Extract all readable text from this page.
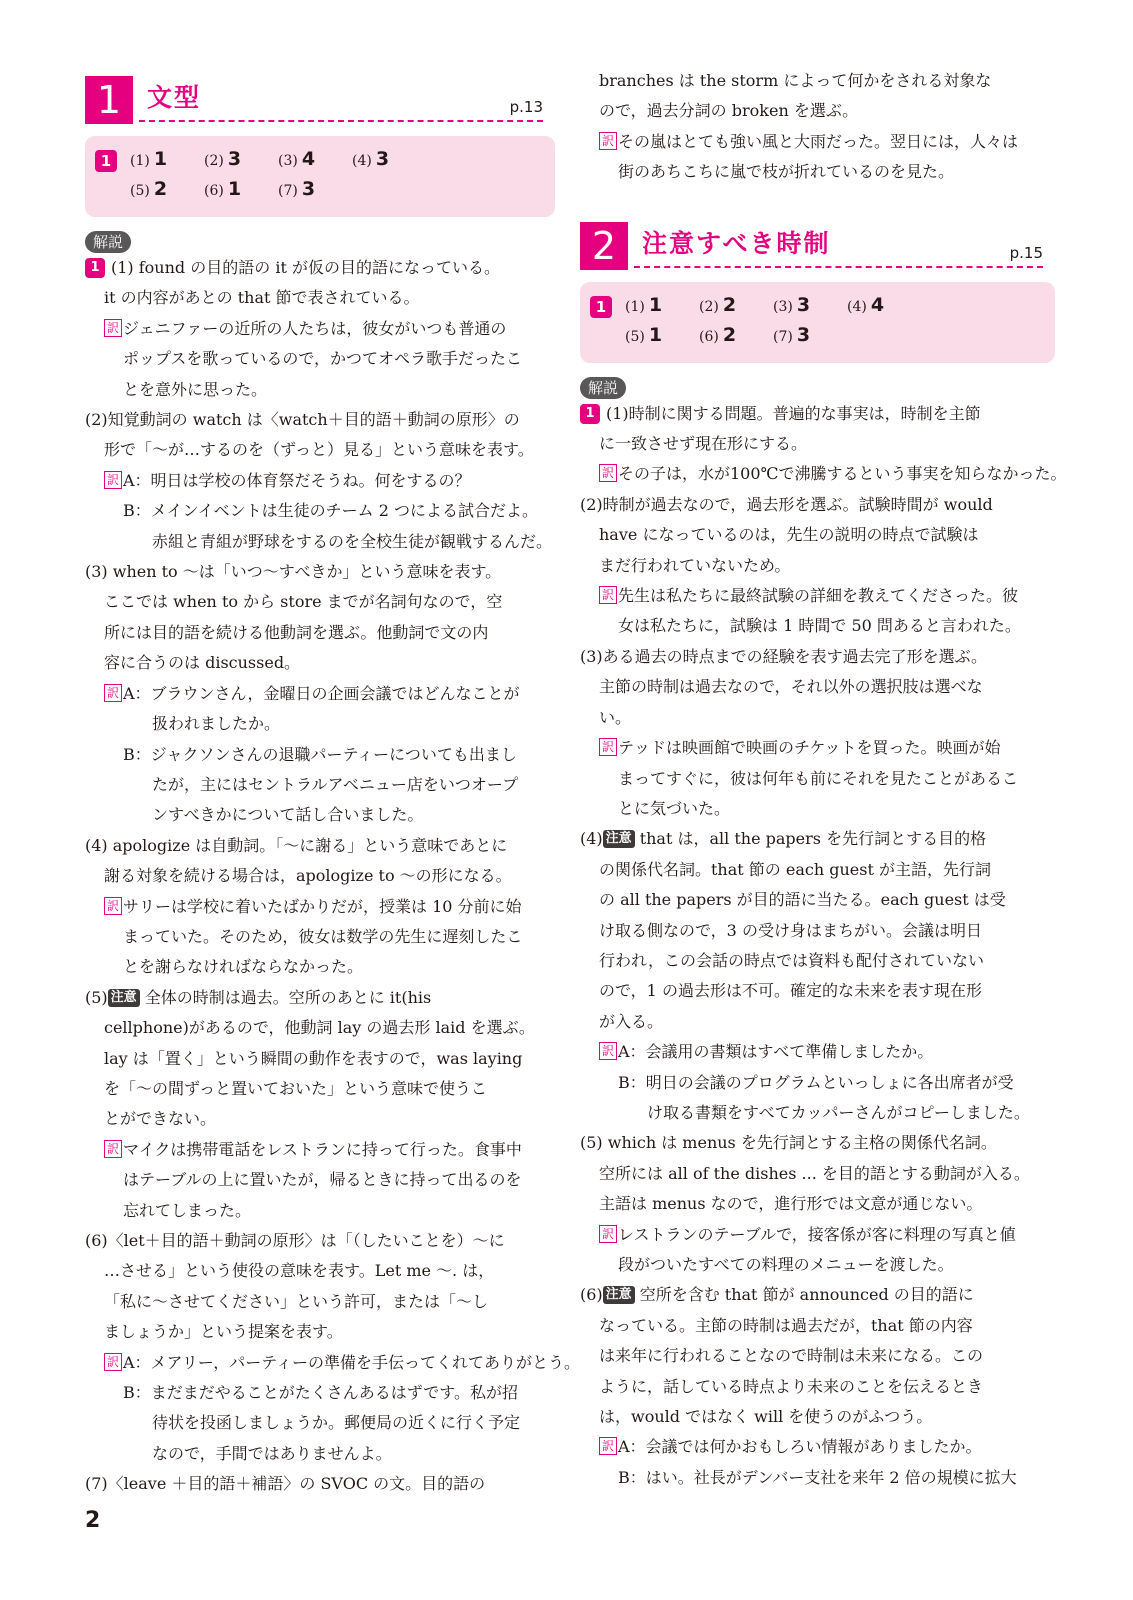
1	文型	p.13
1	(1) 1	(2) 3	(3) 4	(4) 3
(5) 2	(6) 1	(7) 3
解説

1 (1) found の目的語の it が仮の目的語になっている。

it の内容があとの that 節で表されている。

訳 ジェニファーの近所の人たちは，彼女がいつも普通の

ポップスを歌っているので，かつてオペラ歌手だったこ

とを意外に思った。

(2)知覚動詞の watch は〈watch＋目的語＋動詞の原形〉の

形で「～が…するのを（ずっと）見る」という意味を表す。

訳 A：明日は学校の体育祭だそうね。何をするの？

B：メインイベントは生徒のチーム 2 つによる試合だよ。

赤組と青組が野球をするのを全校生徒が観戦するんだ。

(3) when to ～は「いつ～すべきか」という意味を表す。

ここでは when to から store までが名詞句なので，空

所には目的語を続ける他動詞を選ぶ。他動詞で文の内

容に合うのは discussed。

訳 A：ブラウンさん，金曜日の企画会議ではどんなことが

扱われましたか。

B：ジャクソンさんの退職パーティーについても出まし

たが，主にはセントラルアベニュー店をいつオープ

ンすべきかについて話し合いました。

(4) apologize は自動詞。「～に謝る」という意味であとに

謝る対象を続ける場合は，apologize to ～の形になる。

訳 サリーは学校に着いたばかりだが，授業は 10 分前に始

まっていた。そのため，彼女は数学の先生に遅刻したこ

とを謝らなければならなかった。

(5) 注意 全体の時制は過去。空所のあとに it(his

cellphone)があるので，他動詞 lay の過去形 laid を選ぶ。

lay は「置く」という瞬間の動作を表すので，was laying

を「～の間ずっと置いておいた」という意味で使うこ

とができない。

訳 マイクは携帯電話をレストランに持って行った。食事中

はテーブルの上に置いたが，帰るときに持って出るのを

忘れてしまった。

(6)〈let＋目的語＋動詞の原形〉は「（したいことを）～に

…させる」という使役の意味を表す。Let me ～. は，

「私に～させてください」という許可，または「～し

ましょうか」という提案を表す。

訳 A：メアリー，パーティーの準備を手伝ってくれてありがとう。

B：まだまだやることがたくさんあるはずです。私が招

待状を投函しましょうか。郵便局の近くに行く予定

なので，手間ではありませんよ。

(7)〈leave ＋目的語＋補語〉の SVOC の文。目的語の

branches は the storm によって何かをされる対象な

ので，過去分詞の broken を選ぶ。

訳 その嵐はとても強い風と大雨だった。翌日には，人々は

街のあちこちに嵐で枝が折れているのを見た。

2	注意すべき時制	p.15
1	(1) 1	(2) 2	(3) 3	(4) 4
(5) 1	(6) 2	(7) 3
解説

1 (1)時制に関する問題。普遍的な事実は，時制を主節

に一致させず現在形にする。

訳 その子は，水が100℃で沸騰するという事実を知らなかった。

(2)時制が過去なので，過去形を選ぶ。試験時間が would

have になっているのは，先生の説明の時点で試験は

まだ行われていないため。

訳 先生は私たちに最終試験の詳細を教えてくださった。彼

女は私たちに，試験は 1 時間で 50 問あると言われた。

(3)ある過去の時点までの経験を表す過去完了形を選ぶ。

主節の時制は過去なので，それ以外の選択肢は選べな

い。

訳 テッドは映画館で映画のチケットを買った。映画が始

まってすぐに，彼は何年も前にそれを見たことがあるこ

とに気づいた。

(4) 注意 that は，all the papers を先行詞とする目的格

の関係代名詞。that 節の each guest が主語，先行詞

の all the papers が目的語に当たる。each guest は受

け取る側なので，3 の受け身はまちがい。会議は明日

行われ，この会話の時点では資料も配付されていない

ので，1 の過去形は不可。確定的な未来を表す現在形

が入る。

訳 A：会議用の書類はすべて準備しましたか。

B：明日の会議のプログラムといっしょに各出席者が受

け取る書類をすべてカッパーさんがコピーしました。

(5) which は menus を先行詞とする主格の関係代名詞。

空所には all of the dishes ... を目的語とする動詞が入る。

主語は menus なので，進行形では文意が通じない。

訳 レストランのテーブルで，接客係が客に料理の写真と値

段がついたすべての料理のメニューを渡した。

(6) 注意 空所を含む that 節が announced の目的語に

なっている。主節の時制は過去だが，that 節の内容

は来年に行われることなので時制は未来になる。この

ように，話している時点より未来のことを伝えるとき

は，would ではなく will を使うのがふつう。

訳 A：会議では何かおもしろい情報がありましたか。

B：はい。社長がデンバー支社を来年 2 倍の規模に拡大

2
